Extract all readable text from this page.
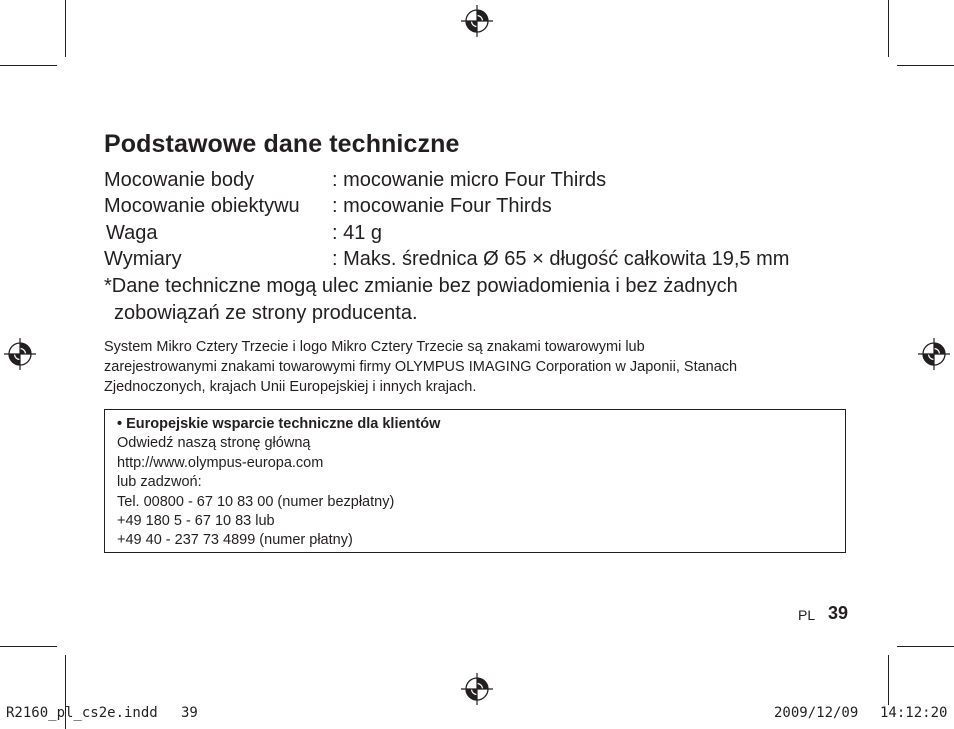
Podstawowe dane techniczne
Mocowanie body	: mocowanie micro Four Thirds
Mocowanie obiektywu : mocowanie Four Thirds
Waga	: 41 g
Wymiary	: Maks. średnica Ø 65 × długość całkowita 19,5 mm
*Dane techniczne mogą ulec zmianie bez powiadomienia i bez żadnych
zobowiązań ze strony producenta.
System Mikro Cztery Trzecie i logo Mikro Cztery Trzecie są znakami towarowymi lub
zarejestrowanymi znakami towarowymi firmy OLYMPUS IMAGING Corporation w Japonii, Stanach
Zjednoczonych, krajach Unii Europejskiej i innych krajach.
• Europejskie wsparcie techniczne dla klientów
Odwiedź naszą stronę główną
http://www.olympus-europa.com
lub zadzwoń:
Tel. 00800 - 67 10 83 00 (numer bezpłatny)
+49 180 5 - 67 10 83 lub
+49 40 - 237 73 4899 (numer płatny)
PL 39
R2160_pl_cs2e.indd 39	2009/12/09 14:12:20
